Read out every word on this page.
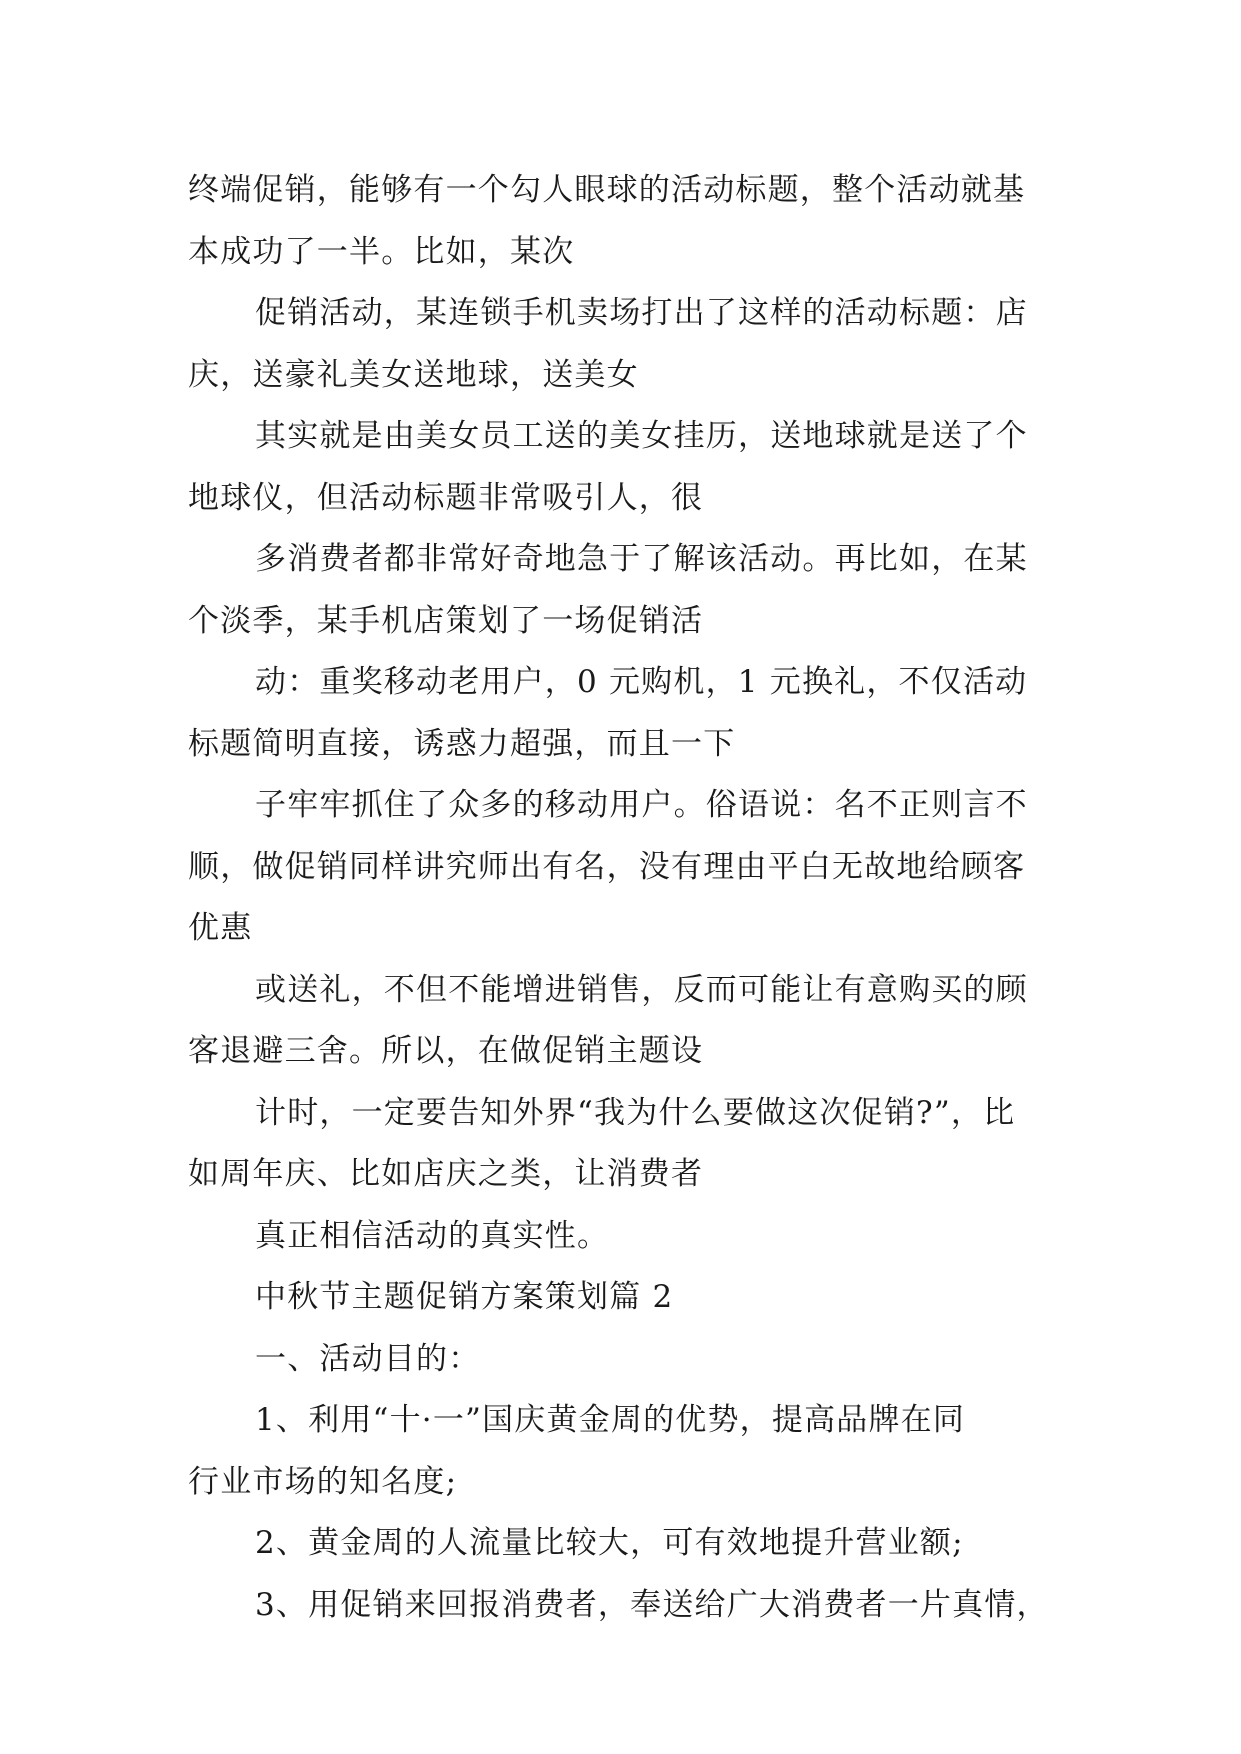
终端促销，能够有一个勾人眼球的活动标题，整个活动就基
本成功了一半。比如，某次

促销活动，某连锁手机卖场打出了这样的活动标题：店
庆，送豪礼美女送地球，送美女

其实就是由美女员工送的美女挂历，送地球就是送了个
地球仪，但活动标题非常吸引人，很

多消费者都非常好奇地急于了解该活动。再比如，在某
个淡季，某手机店策划了一场促销活

动：重奖移动老用户，0 元购机，1 元换礼，不仅活动
标题简明直接，诱惑力超强，而且一下

子牢牢抓住了众多的移动用户。俗语说：名不正则言不
顺，做促销同样讲究师出有名，没有理由平白无故地给顾客
优惠

或送礼，不但不能增进销售，反而可能让有意购买的顾
客退避三舍。所以，在做促销主题设

计时，一定要告知外界“我为什么要做这次促销?”，比
如周年庆、比如店庆之类，让消费者

真正相信活动的真实性。

中秋节主题促销方案策划篇 2

一、活动目的：

1、利用“十·一”国庆黄金周的优势，提高品牌在同
行业市场的知名度;

2、黄金周的人流量比较大，可有效地提升营业额;

3、用促销来回报消费者，奉送给广大消费者一片真情，
